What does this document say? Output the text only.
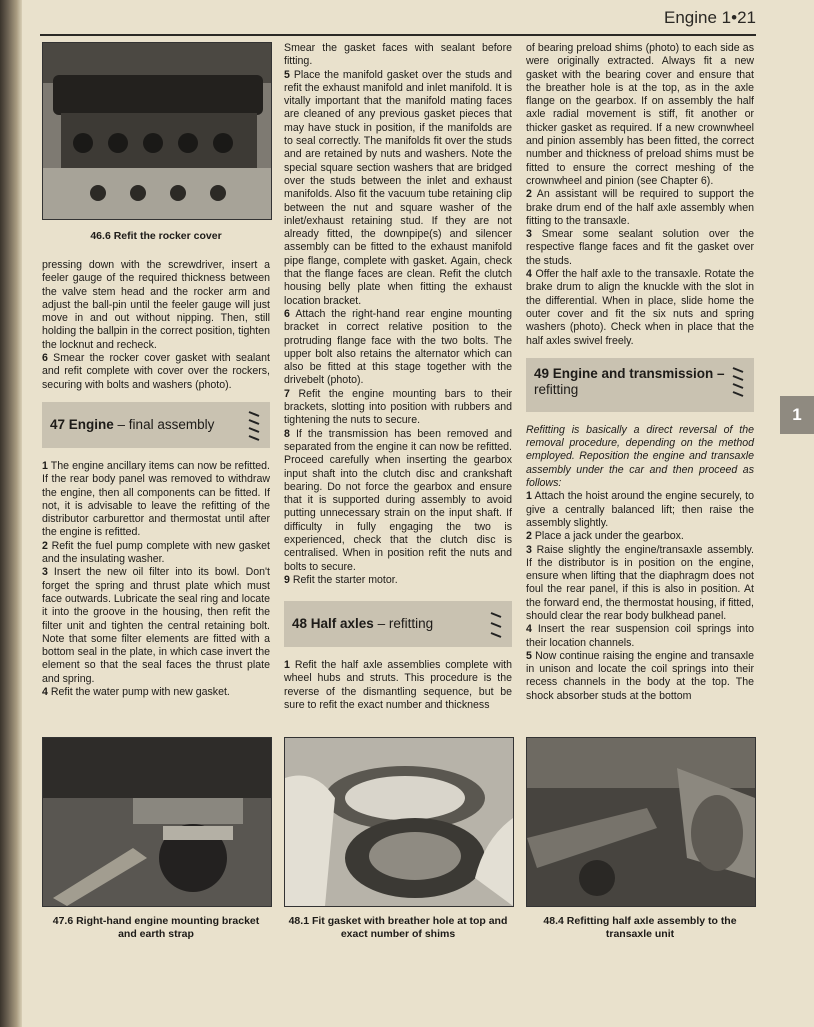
Engine 1•21
1
46.6 Refit the rocker cover

pressing down with the screwdriver, insert a feeler gauge of the required thickness between the valve stem head and the rocker arm and adjust the ball-pin until the feeler gauge will just move in and out without nipping. Then, still holding the ballpin in the correct position, tighten the locknut and recheck.

6 Smear the rocker cover gasket with sealant and refit complete with cover over the rockers, securing with bolts and washers (photo).

47 Engine – final assembly

1 The engine ancillary items can now be refitted. If the rear body panel was removed to withdraw the engine, then all components can be fitted. If not, it is advisable to leave the refitting of the distributor carburettor and thermostat until after the engine is refitted.

2 Refit the fuel pump complete with new gasket and the insulating washer.

3 Insert the new oil filter into its bowl. Don't forget the spring and thrust plate which must face outwards. Lubricate the seal ring and locate it into the groove in the housing, then refit the filter unit and tighten the central retaining bolt. Note that some filter elements are fitted with a bottom seal in the plate, in which case invert the element so that the seal faces the thrust plate and spring.

4 Refit the water pump with new gasket.

Smear the gasket faces with sealant before fitting.

5 Place the manifold gasket over the studs and refit the exhaust manifold and inlet manifold. It is vitally important that the manifold mating faces are cleaned of any previous gasket pieces that may have stuck in position, if the manifolds are to seal correctly. The manifolds fit over the studs and are retained by nuts and washers. Note the special square section washers that are bridged over the studs between the inlet and exhaust manifolds. Also fit the vacuum tube retaining clip between the nut and square washer of the inlet/exhaust retaining stud. If they are not already fitted, the downpipe(s) and silencer assembly can be fitted to the exhaust manifold pipe flange, complete with gasket. Again, check that the flange faces are clean. Refit the clutch housing belly plate when fitting the exhaust location bracket.

6 Attach the right-hand rear engine mounting bracket in correct relative position to the protruding flange face with the two bolts. The upper bolt also retains the alternator which can also be fitted at this stage together with the drivebelt (photo).

7 Refit the engine mounting bars to their brackets, slotting into position with rubbers and tightening the nuts to secure.

8 If the transmission has been removed and separated from the engine it can now be refitted. Proceed carefully when inserting the gearbox input shaft into the clutch disc and crankshaft bearing. Do not force the gearbox and ensure that it is supported during assembly to avoid putting unnecessary strain on the input shaft. If difficulty in fully engaging the two is experienced, check that the clutch disc is centralised. When in position refit the nuts and bolts to secure.

9 Refit the starter motor.

48 Half axles – refitting

1 Refit the half axle assemblies complete with wheel hubs and struts. This procedure is the reverse of the dismantling sequence, but be sure to refit the exact number and thickness

of bearing preload shims (photo) to each side as were originally extracted. Always fit a new gasket with the bearing cover and ensure that the breather hole is at the top, as in the axle flange on the gearbox. If on assembly the half axle radial movement is stiff, fit another or thicker gasket as required. If a new crownwheel and pinion assembly has been fitted, the correct number and thickness of preload shims must be fitted to ensure the correct meshing of the crownwheel and pinion (see Chapter 6).

2 An assistant will be required to support the brake drum end of the half axle assembly when fitting to the transaxle.

3 Smear some sealant solution over the respective flange faces and fit the gasket over the studs.

4 Offer the half axle to the transaxle. Rotate the brake drum to align the knuckle with the slot in the differential. When in place, slide home the outer cover and fit the six nuts and spring washers (photo). Check when in place that the half axles swivel freely.

49 Engine and transmission –
refitting

Refitting is basically a direct reversal of the removal procedure, depending on the method employed. Reposition the engine and transaxle assembly under the car and then proceed as follows:

1 Attach the hoist around the engine securely, to give a centrally balanced lift; then raise the assembly slightly.

2 Place a jack under the gearbox.

3 Raise slightly the engine/transaxle assembly. If the distributor is in position on the engine, ensure when lifting that the diaphragm does not foul the rear panel, if this is also in position. At the forward end, the thermostat housing, if fitted, should clear the rear body bulkhead panel.

4 Insert the rear suspension coil springs into their location channels.

5 Now continue raising the engine and transaxle in unison and locate the coil springs into their recess channels in the body at the top. The shock absorber studs at the bottom

47.6 Right-hand engine mounting bracket and earth strap
48.1 Fit gasket with breather hole at top and exact number of shims
48.4 Refitting half axle assembly to the transaxle unit
